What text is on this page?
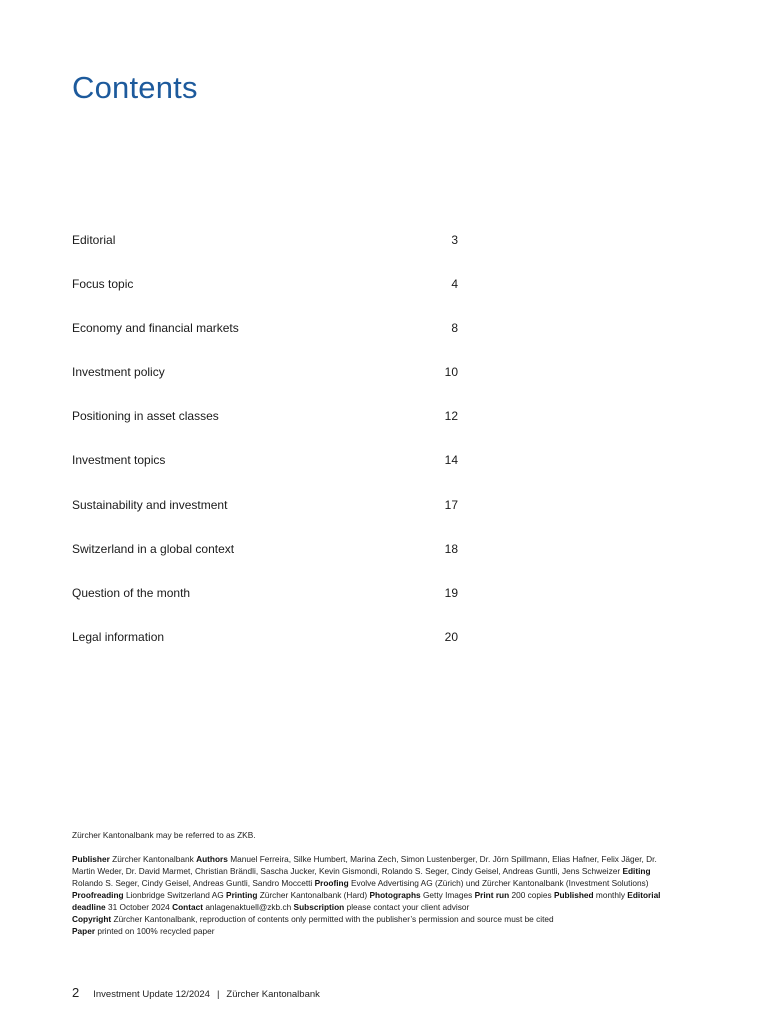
Contents
Editorial	3
Focus topic	4
Economy and financial markets	8
Investment policy	10
Positioning in asset classes	12
Investment topics	14
Sustainability and investment	17
Switzerland in a global context	18
Question of the month	19
Legal information	20

Zürcher Kantonalbank may be referred to as ZKB.

Publisher Zürcher Kantonalbank Authors Manuel Ferreira, Silke Humbert, Marina Zech, Simon Lustenberger, Dr. Jörn Spillmann, Elias Hafner, Felix Jäger, Dr. Martin Weder, Dr. David Marmet, Christian Brändli, Sascha Jucker, Kevin Gismondi, Rolando S. Seger, Cindy Geisel, Andreas Guntli, Jens Schweizer Editing Rolando S. Seger, Cindy Geisel, Andreas Guntli, Sandro Moccetti Proofing Evolve Advertising AG (Zürich) und Zürcher Kantonalbank (Investment Solutions) Proofreading Lionbridge Switzerland AG Printing Zürcher Kantonalbank (Hard) Photographs Getty Images Print run 200 copies Published monthly Editorial deadline 31 October 2024 Contact anlagenaktuell@zkb.ch Subscription please contact your client advisor

Copyright Zürcher Kantonalbank, reproduction of contents only permitted with the publisher’s permission and source must be cited

Paper printed on 100% recycled paper

2 Investment Update 12/2024 | Zürcher Kantonalbank
